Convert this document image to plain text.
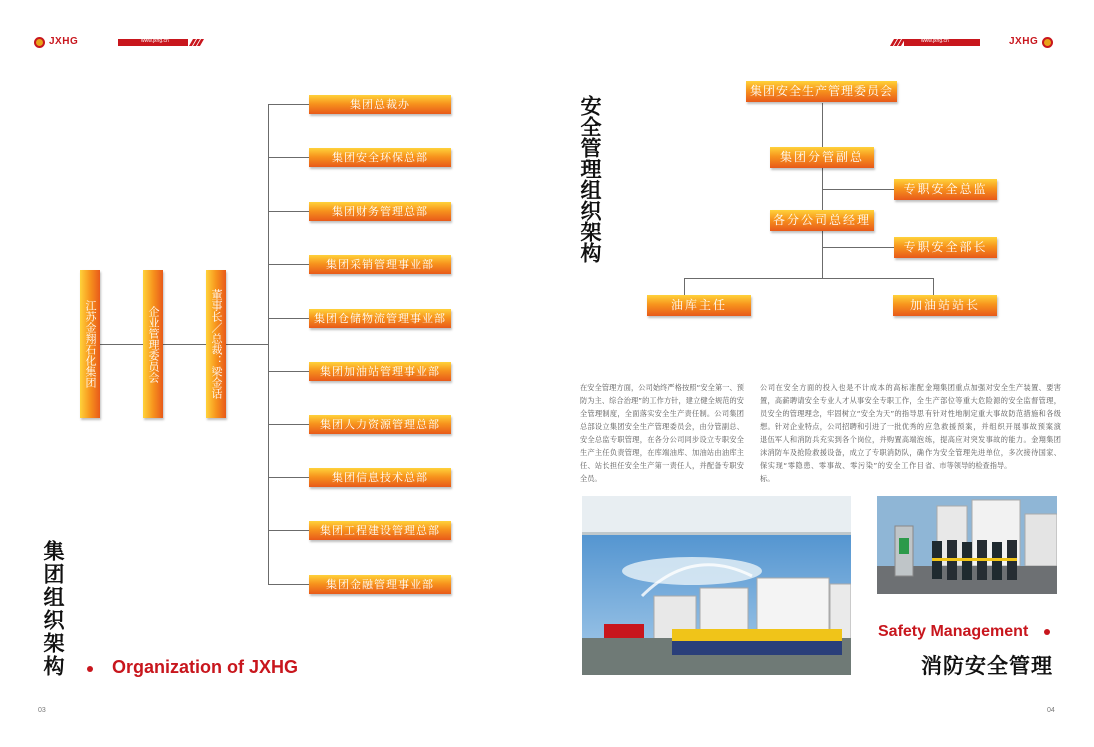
JXHG	www.jxhg.cn	www.jxhg.cn	JXHG
江苏金翔石化集团	企业管理委员会	董事长／总裁：梁金话
集团总裁办
集团安全环保总部
集团财务管理总部
集团采销管理事业部
集团仓储物流管理事业部
集团加油站管理事业部
集团人力资源管理总部
集团信息技术总部
集团工程建设管理总部
集团金融管理事业部
集团组织架构	Organization of JXHG
03
安全管理组织架构
集团安全生产管理委员会
集团分管副总
专职安全总监
各分公司总经理
专职安全部长
油库主任	加油站站长
在安全管理方面，公司始终严格按照“安全第一、预防为主、综合治理”的工作方针，建立健全规范的安全管理制度，全面落实安全生产责任制。公司集团总部设立集团安全生产管理委员会，由分管副总、安全总监专职管理，在各分公司同步设立专职安全生产主任负责管理，在库端油库、加油站由油库主任、站长担任安全生产第一责任人，并配备专职安全员。
公司在安全方面的投入也是不计成本的高标准配置，高薪聘请安全专业人才从事安全专职工作，全员安全的管理理念，牢固树立“安全为天”的指导思想。针对企业特点，公司招聘和引进了一批优秀的退伍军人和消防兵充实到各个岗位，并购置高端泡沫消防车及抢险救援设备，成立了专职消防队，确保实现“零隐患、零事故、零污染”的安全工作目标。
金翔集团重点加强对安全生产装置、要害生产部位等重大危险源的安全监督管理，有针对性地制定重大事故防范措施和各级应急救援预案，并组织开展事故预案演练，提高应对突发事故的能力。金翔集团作为安全管理先进单位，多次接待国家、省、市等领导的检查指导。
Safety Management
消防安全管理
04
